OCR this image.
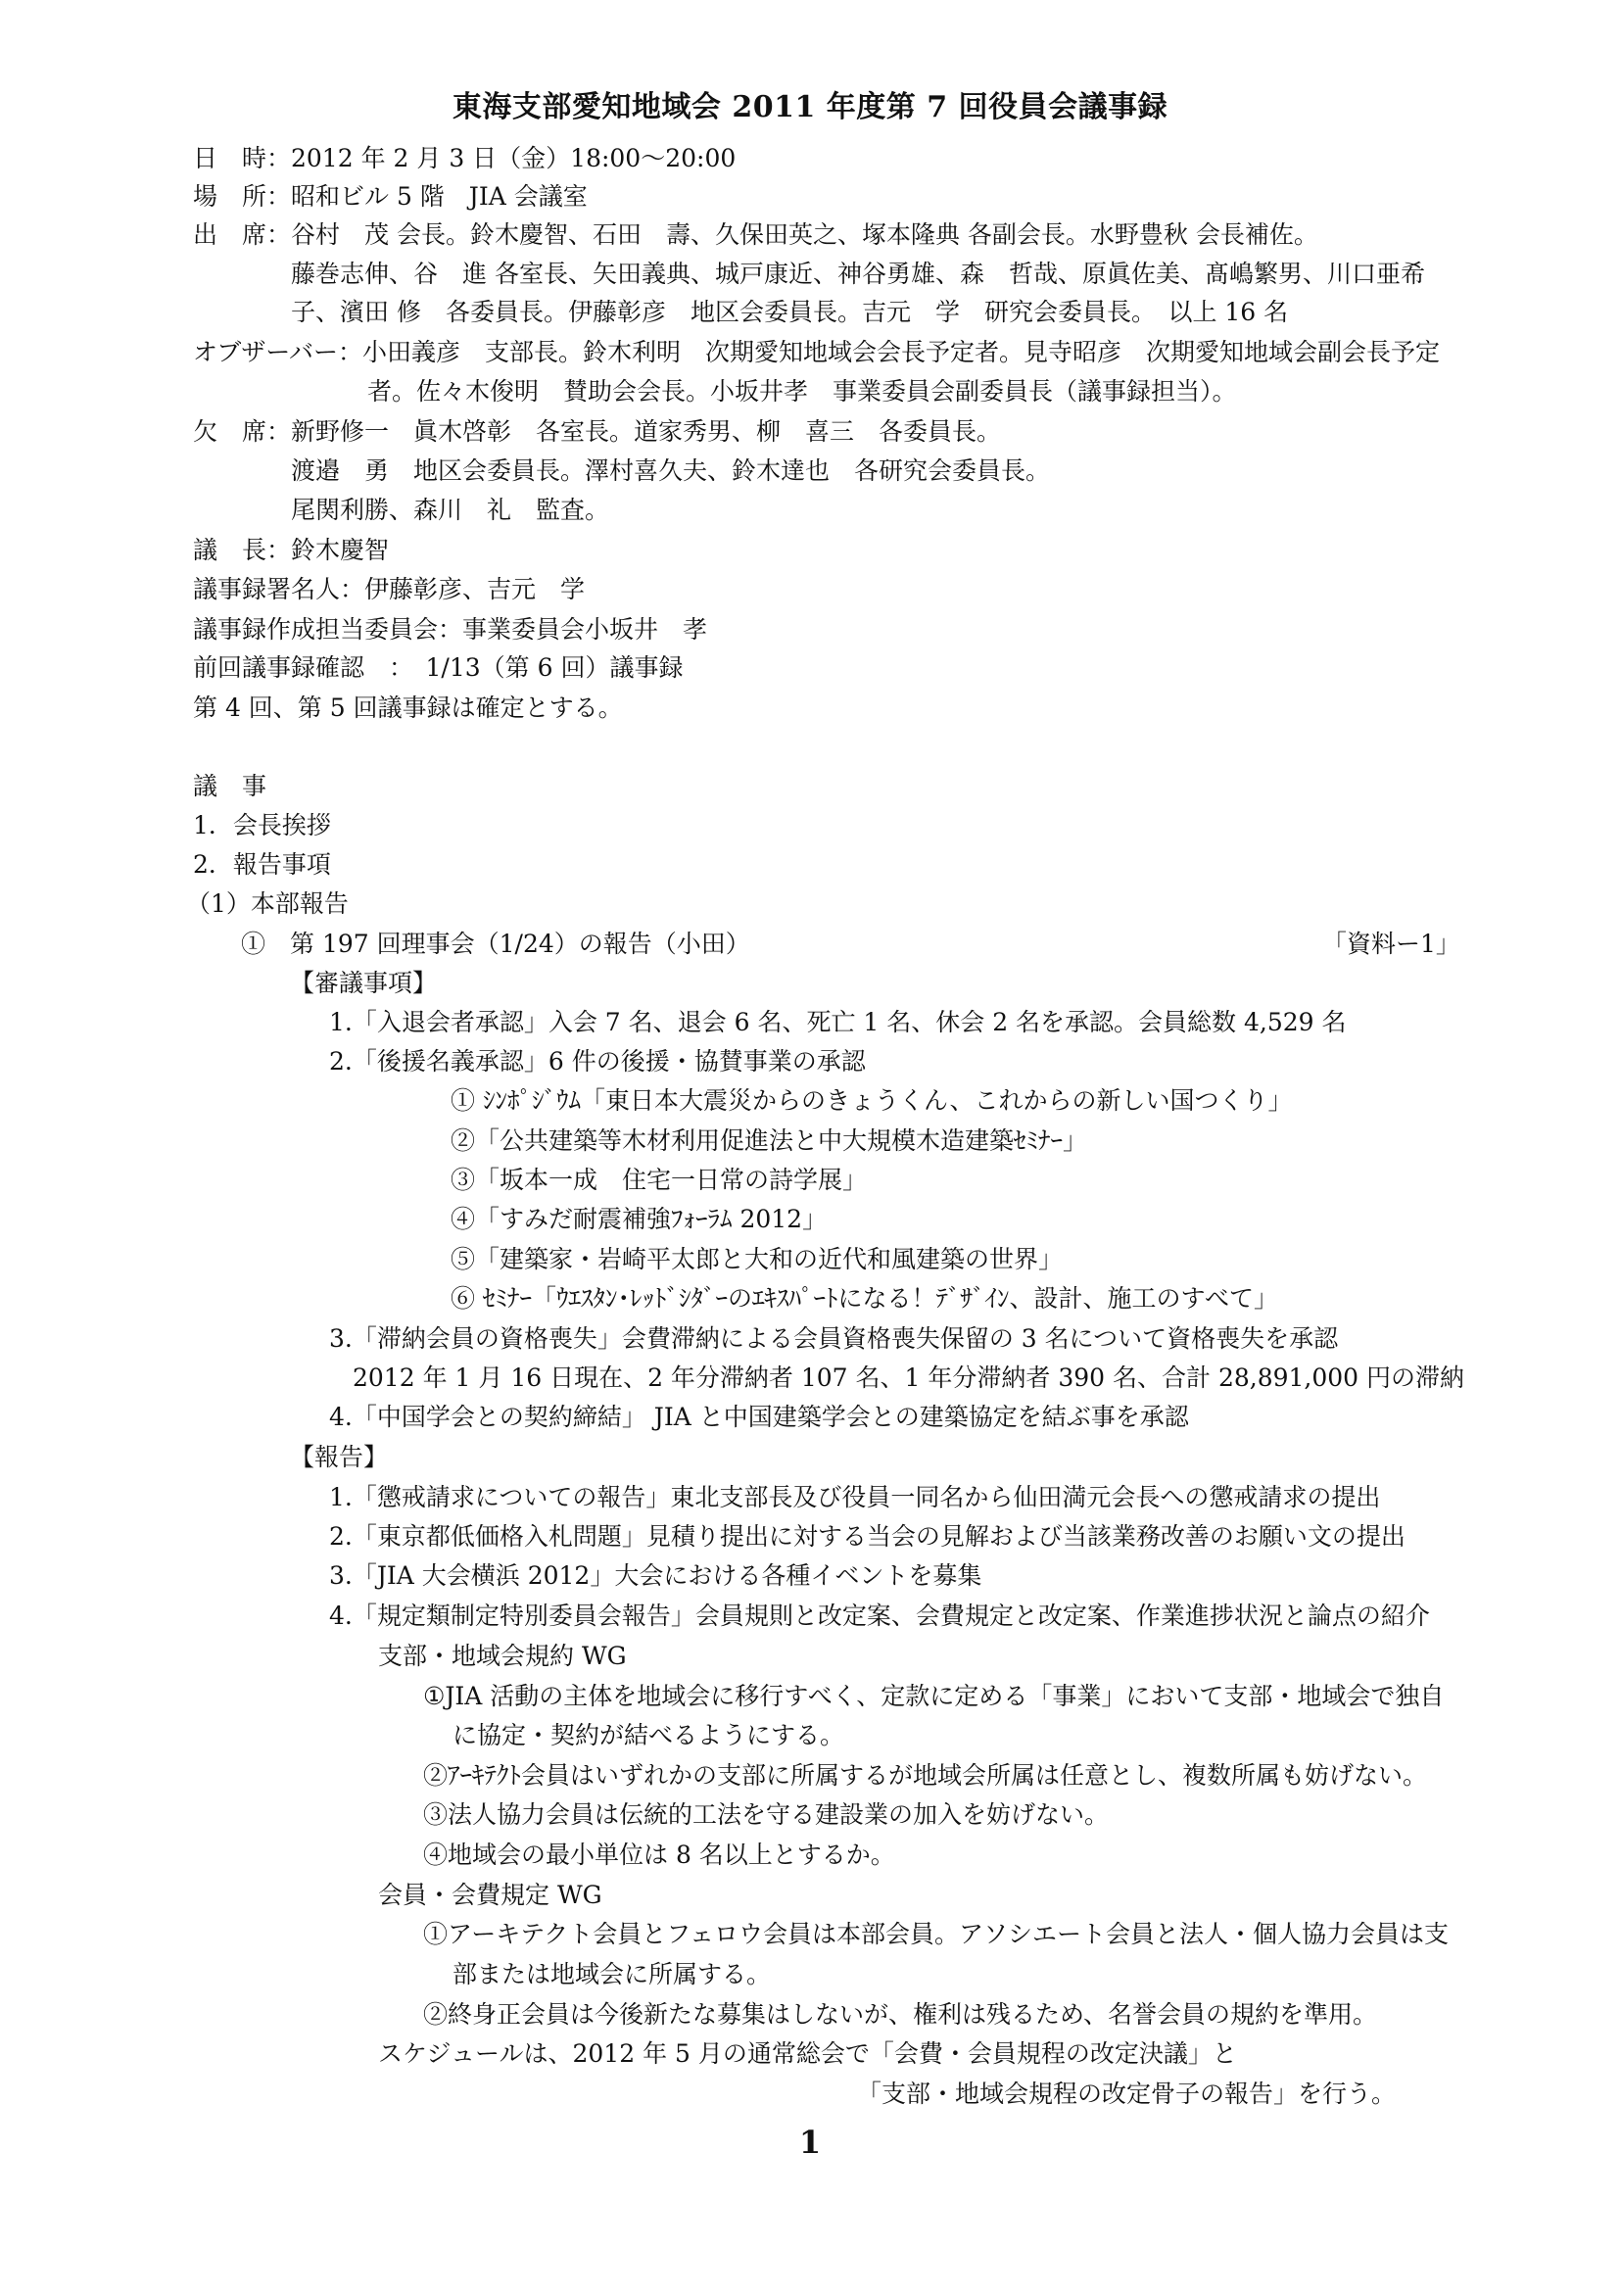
東海支部愛知地域会 2011 年度第 7 回役員会議事録
日　時：2012 年 2 月 3 日（金）18:00〜20:00
場　所：昭和ビル 5 階　JIA 会議室
出　席：谷村　茂 会長。鈴木慶智、石田　壽、久保田英之、塚本隆典 各副会長。水野豊秋 会長補佐。
藤巻志伸、谷　進 各室長、矢田義典、城戸康近、神谷勇雄、森　哲哉、原眞佐美、髙嶋繁男、川口亜希
子、濱田 修　各委員長。伊藤彰彦　地区会委員長。吉元　学　研究会委員長。　以上 16 名
オブザーバー：小田義彦　支部長。鈴木利明　次期愛知地域会会長予定者。見寺昭彦　次期愛知地域会副会長予定
者。佐々木俊明　賛助会会長。小坂井孝　事業委員会副委員長（議事録担当）。
欠　席：新野修一　眞木啓彰　各室長。道家秀男、柳　喜三　各委員長。
渡邉　勇　地区会委員長。澤村喜久夫、鈴木達也　各研究会委員長。
尾関利勝、森川　礼　監査。
議　長：鈴木慶智
議事録署名人：伊藤彰彦、吉元　学
議事録作成担当委員会：事業委員会小坂井　孝
前回議事録確認　：　1/13（第 6 回）議事録
第 4 回、第 5 回議事録は確定とする。
議　事
1．会長挨拶
2．報告事項
（1）本部報告
①　第 197 回理事会（1/24）の報告（小田）	「資料ー1」
【審議事項】
1.「入退会者承認」入会 7 名、退会 6 名、死亡 1 名、休会 2 名を承認。会員総数 4,529 名
2.「後援名義承認」6 件の後援・協賛事業の承認
① ｼﾝﾎﾟｼﾞｳﾑ「東日本大震災からのきょうくん、これからの新しい国つくり」
②「公共建築等木材利用促進法と中大規模木造建築ｾﾐﾅｰ」
③「坂本一成　住宅一日常の詩学展」
④「すみだ耐震補強ﾌｫｰﾗﾑ 2012」
⑤「建築家・岩崎平太郎と大和の近代和風建築の世界」
⑥ ｾﾐﾅｰ「ｳｴｽﾀﾝ･ﾚｯﾄﾞｼﾀﾞｰのｴｷｽﾊﾟｰﾄになる！ﾃﾞｻﾞｲﾝ、設計、施工のすべて」
3.「滞納会員の資格喪失」会費滞納による会員資格喪失保留の 3 名について資格喪失を承認
2012 年 1 月 16 日現在、2 年分滞納者 107 名、1 年分滞納者 390 名、合計 28,891,000 円の滞納
4.「中国学会との契約締結」 JIA と中国建築学会との建築協定を結ぶ事を承認
【報告】
1.「懲戒請求についての報告」東北支部長及び役員一同名から仙田満元会長への懲戒請求の提出
2.「東京都低価格入札問題」見積り提出に対する当会の見解および当該業務改善のお願い文の提出
3.「JIA 大会横浜 2012」大会における各種イベントを募集
4.「規定類制定特別委員会報告」会員規則と改定案、会費規定と改定案、作業進捗状況と論点の紹介
支部・地域会規約 WG
①JIA 活動の主体を地域会に移行すべく、定款に定める「事業」において支部・地域会で独自
に協定・契約が結べるようにする。
②ｱｰｷﾃｸﾄ会員はいずれかの支部に所属するが地域会所属は任意とし、複数所属も妨げない。
③法人協力会員は伝統的工法を守る建設業の加入を妨げない。
④地域会の最小単位は 8 名以上とするか。
会員・会費規定 WG
①アーキテクト会員とフェロウ会員は本部会員。アソシエート会員と法人・個人協力会員は支
部または地域会に所属する。
②終身正会員は今後新たな募集はしないが、権利は残るため、名誉会員の規約を準用。
スケジュールは、2012 年 5 月の通常総会で「会費・会員規程の改定決議」と
「支部・地域会規程の改定骨子の報告」を行う。
1
